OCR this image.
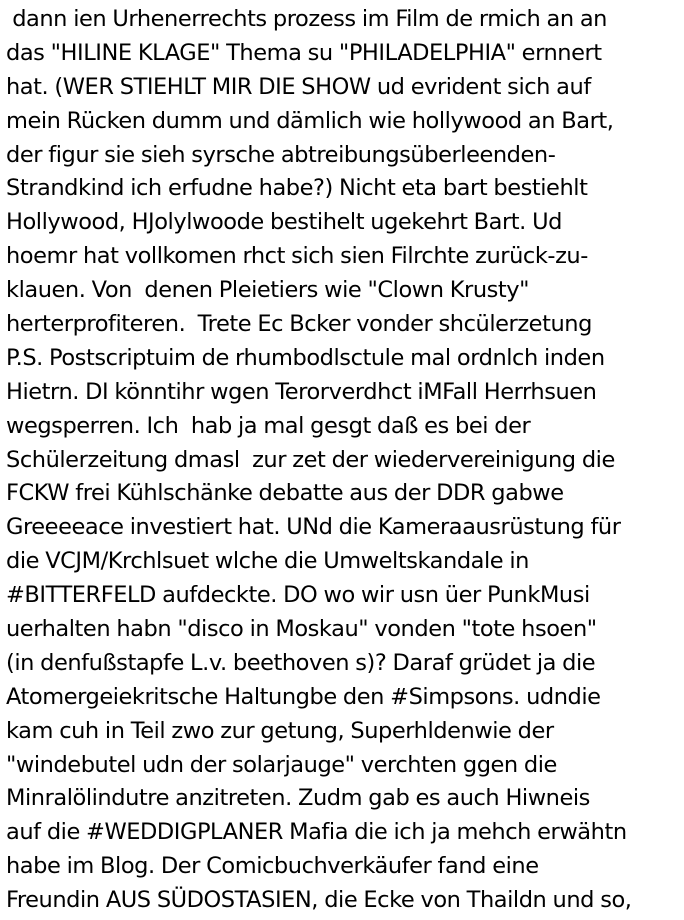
dann ien Urhenerrechts prozess im Film de rmich an an
das "HILINE KLAGE" Thema su "PHILADELPHIA" ernnert
hat. (WER STIEHLT MIR DIE SHOW ud evrident sich auf
mein Rücken dumm und dämlich wie hollywood an Bart,
der figur sie sieh syrsche abtreibungsüberleenden-
Strandkind ich erfudne habe?) Nicht eta bart bestiehlt
Hollywood, HJolylwoode bestihelt ugekehrt Bart. Ud
hoemr hat vollkomen rhct sich sien Filrchte zurück-zu-
klauen. Von  denen Pleietiers wie "Clown Krusty"
herterprofiteren.  Trete Ec Bcker vonder shcülerzetung
P.S. Postscriptuim de rhumbodlsctule mal ordnlch inden
Hietrn. DI könntihr wgen Terorverdhct iMFall Herrhsuen
wegsperren. Ich  hab ja mal gesgt daß es bei der
Schülerzeitung dmasl  zur zet der wiedervereinigung die
FCKW frei Kühlschänke debatte aus der DDR gabwe
Greeeeace investiert hat. UNd die Kameraausrüstung für
die VCJM/Krchlsuet wlche die Umweltskandale in
#BITTERFELD aufdeckte. DO wo wir usn üer PunkMusi
uerhalten habn "disco in Moskau" vonden "tote hsoen"
(in denfußstapfe L.v. beethoven s)? Daraf grüdet ja die
Atomergeiekritsche Haltungbe den #Simpsons. udndie
kam cuh in Teil zwo zur getung, Superhldenwie der
"windebutel udn der solarjauge" verchten ggen die
Minralölindutre anzitreten. Zudm gab es auch Hiwneis
auf die #WEDDIGPLANER Mafia die ich ja mehch erwähtn
habe im Blog. Der Comicbuchverkäufer fand eine
Freundin AUS SÜDOSTASIEN, die Ecke von Thaildn und so,
